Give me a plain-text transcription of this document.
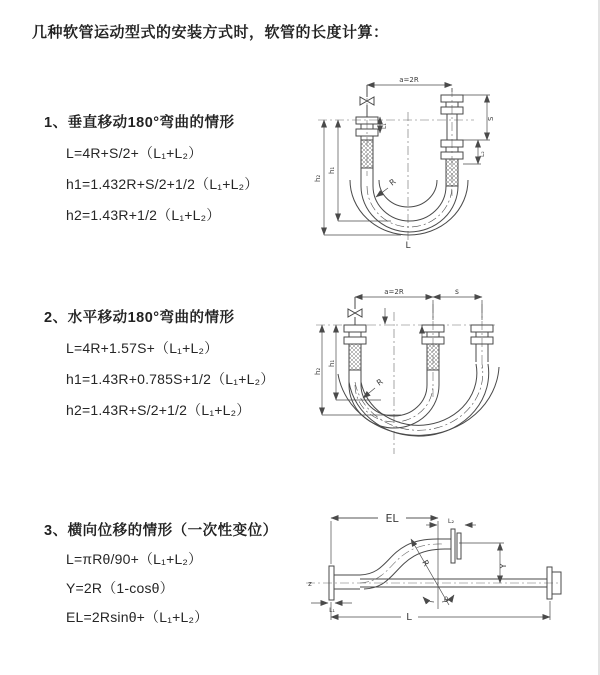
几种软管运动型式的安装方式时，软管的长度计算：
1、垂直移动180°弯曲的情形
L=4R+S/2+（L₁+L₂）
h1=1.432R+S/2+1/2（L₁+L₂）
h2=1.43R+1/2（L₁+L₂）
2、水平移动180°弯曲的情形
L=4R+1.57S+（L₁+L₂）
h1=1.43R+0.785S+1/2（L₁+L₂）
h2=1.43R+S/2+1/2（L₁+L₂）
3、横向位移的情形（一次性变位）
L=πRθ/90+（L₁+L₂）
Y=2R（1-cosθ）
EL=2Rsinθ+（L₁+L₂）
a=2R
h₂
h₁
S
L₂
L₁
R
L
a=2R	s
h₂
h₁
R
EL	L₂
Y
R
θ
L
L₁
z
